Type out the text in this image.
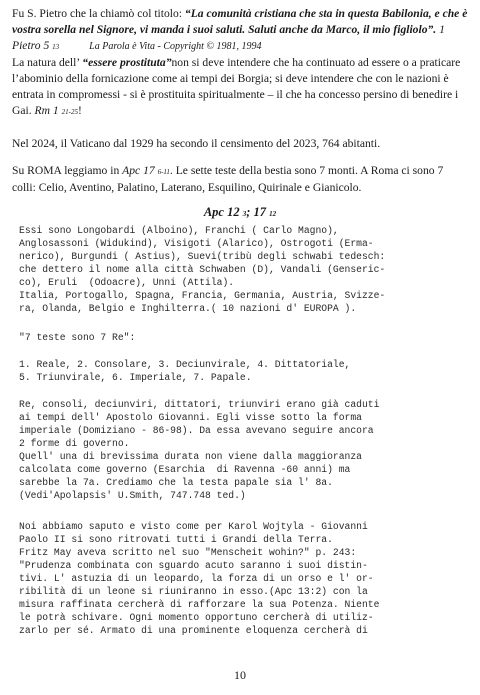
Fu S. Pietro che la chiamò col titolo: “La comunità cristiana che sta in questa Babilonia, e che è vostra sorella nel Signore, vi manda i suoi saluti. Saluti anche da Marco, il mio figliolo”. 1 Pietro 5 13	La Parola è Vita - Copyright © 1981, 1994

La natura dell’ “essere prostituta”non si deve intendere che ha continuato ad essere o a praticare l’abominio della fornicazione come ai tempi dei Borgia; si deve intendere che con le nazioni è entrata in compromessi - si è prostituita spiritualmente – il che ha concesso persino di benedire i Gai. Rm 1 21-25!

Nel 2024, il Vaticano dal 1929 ha secondo il censimento del 2023, 764 abitanti.

Su ROMA leggiamo in Apc 17 6-11. Le sette teste della bestia sono 7 monti. A Roma ci sono 7 colli: Celio, Aventino, Palatino, Laterano, Esquilino, Quirinale e Gianicolo.

Apc 12 3; 17 12
Essi sono Longobardi (Alboino), Franchi ( Carlo Magno),
Anglosassoni (Widukind), Visigoti (Alarico), Ostrogoti (Erma-
nerico), Burgundi ( Astius), Suevi(tribù degli schwabi tedesch:
che dettero il nome alla città Schwaben (D), Vandali (Genseric-
co), Eruli  (Odoacre), Unni (Attila).
Italia, Portogallo, Spagna, Francia, Germania, Austria, Svizze-
ra, Olanda, Belgio e Inghilterra.( 10 nazioni d' EUROPA ).
"7 teste sono 7 Re":
1. Reale, 2. Consolare, 3. Deciunvirale, 4. Dittatoriale,
5. Triunvirale, 6. Imperiale, 7. Papale.
Re, consoli, deciunviri, dittatori, triunviri erano già caduti
ai tempi dell' Apostolo Giovanni. Egli visse sotto la forma
imperiale (Domiziano - 86-98). Da essa avevano seguire ancora
2 forme di governo.
Quell' una di brevissima durata non viene dalla maggioranza
calcolata come governo (Esarchia  di Ravenna -60 anni) ma
sarebbe la 7a. Crediamo che la testa papale sia l' 8a.
(Vedi'Apolapsis' U.Smith, 747.748 ted.)
Noi abbiamo saputo e visto come per Karol Wojtyla - Giovanni
Paolo II si sono ritrovati tutti i Grandi della Terra.
Fritz May aveva scritto nel suo "Menscheit wohin?" p. 243:
"Prudenza combinata con sguardo acuto saranno i suoi distin-
tivi. L' astuzia di un leopardo, la forza di un orso e l' or-
ribilità di un leone si riuniranno in esso.(Apc 13:2) con la
misura raffinata cercherà di rafforzare la sua Potenza. Niente
le potrà schivare. Ogni momento opportuno cercherà di utiliz-
zarlo per sé. Armato di una prominente eloquenza cercherà di
10
